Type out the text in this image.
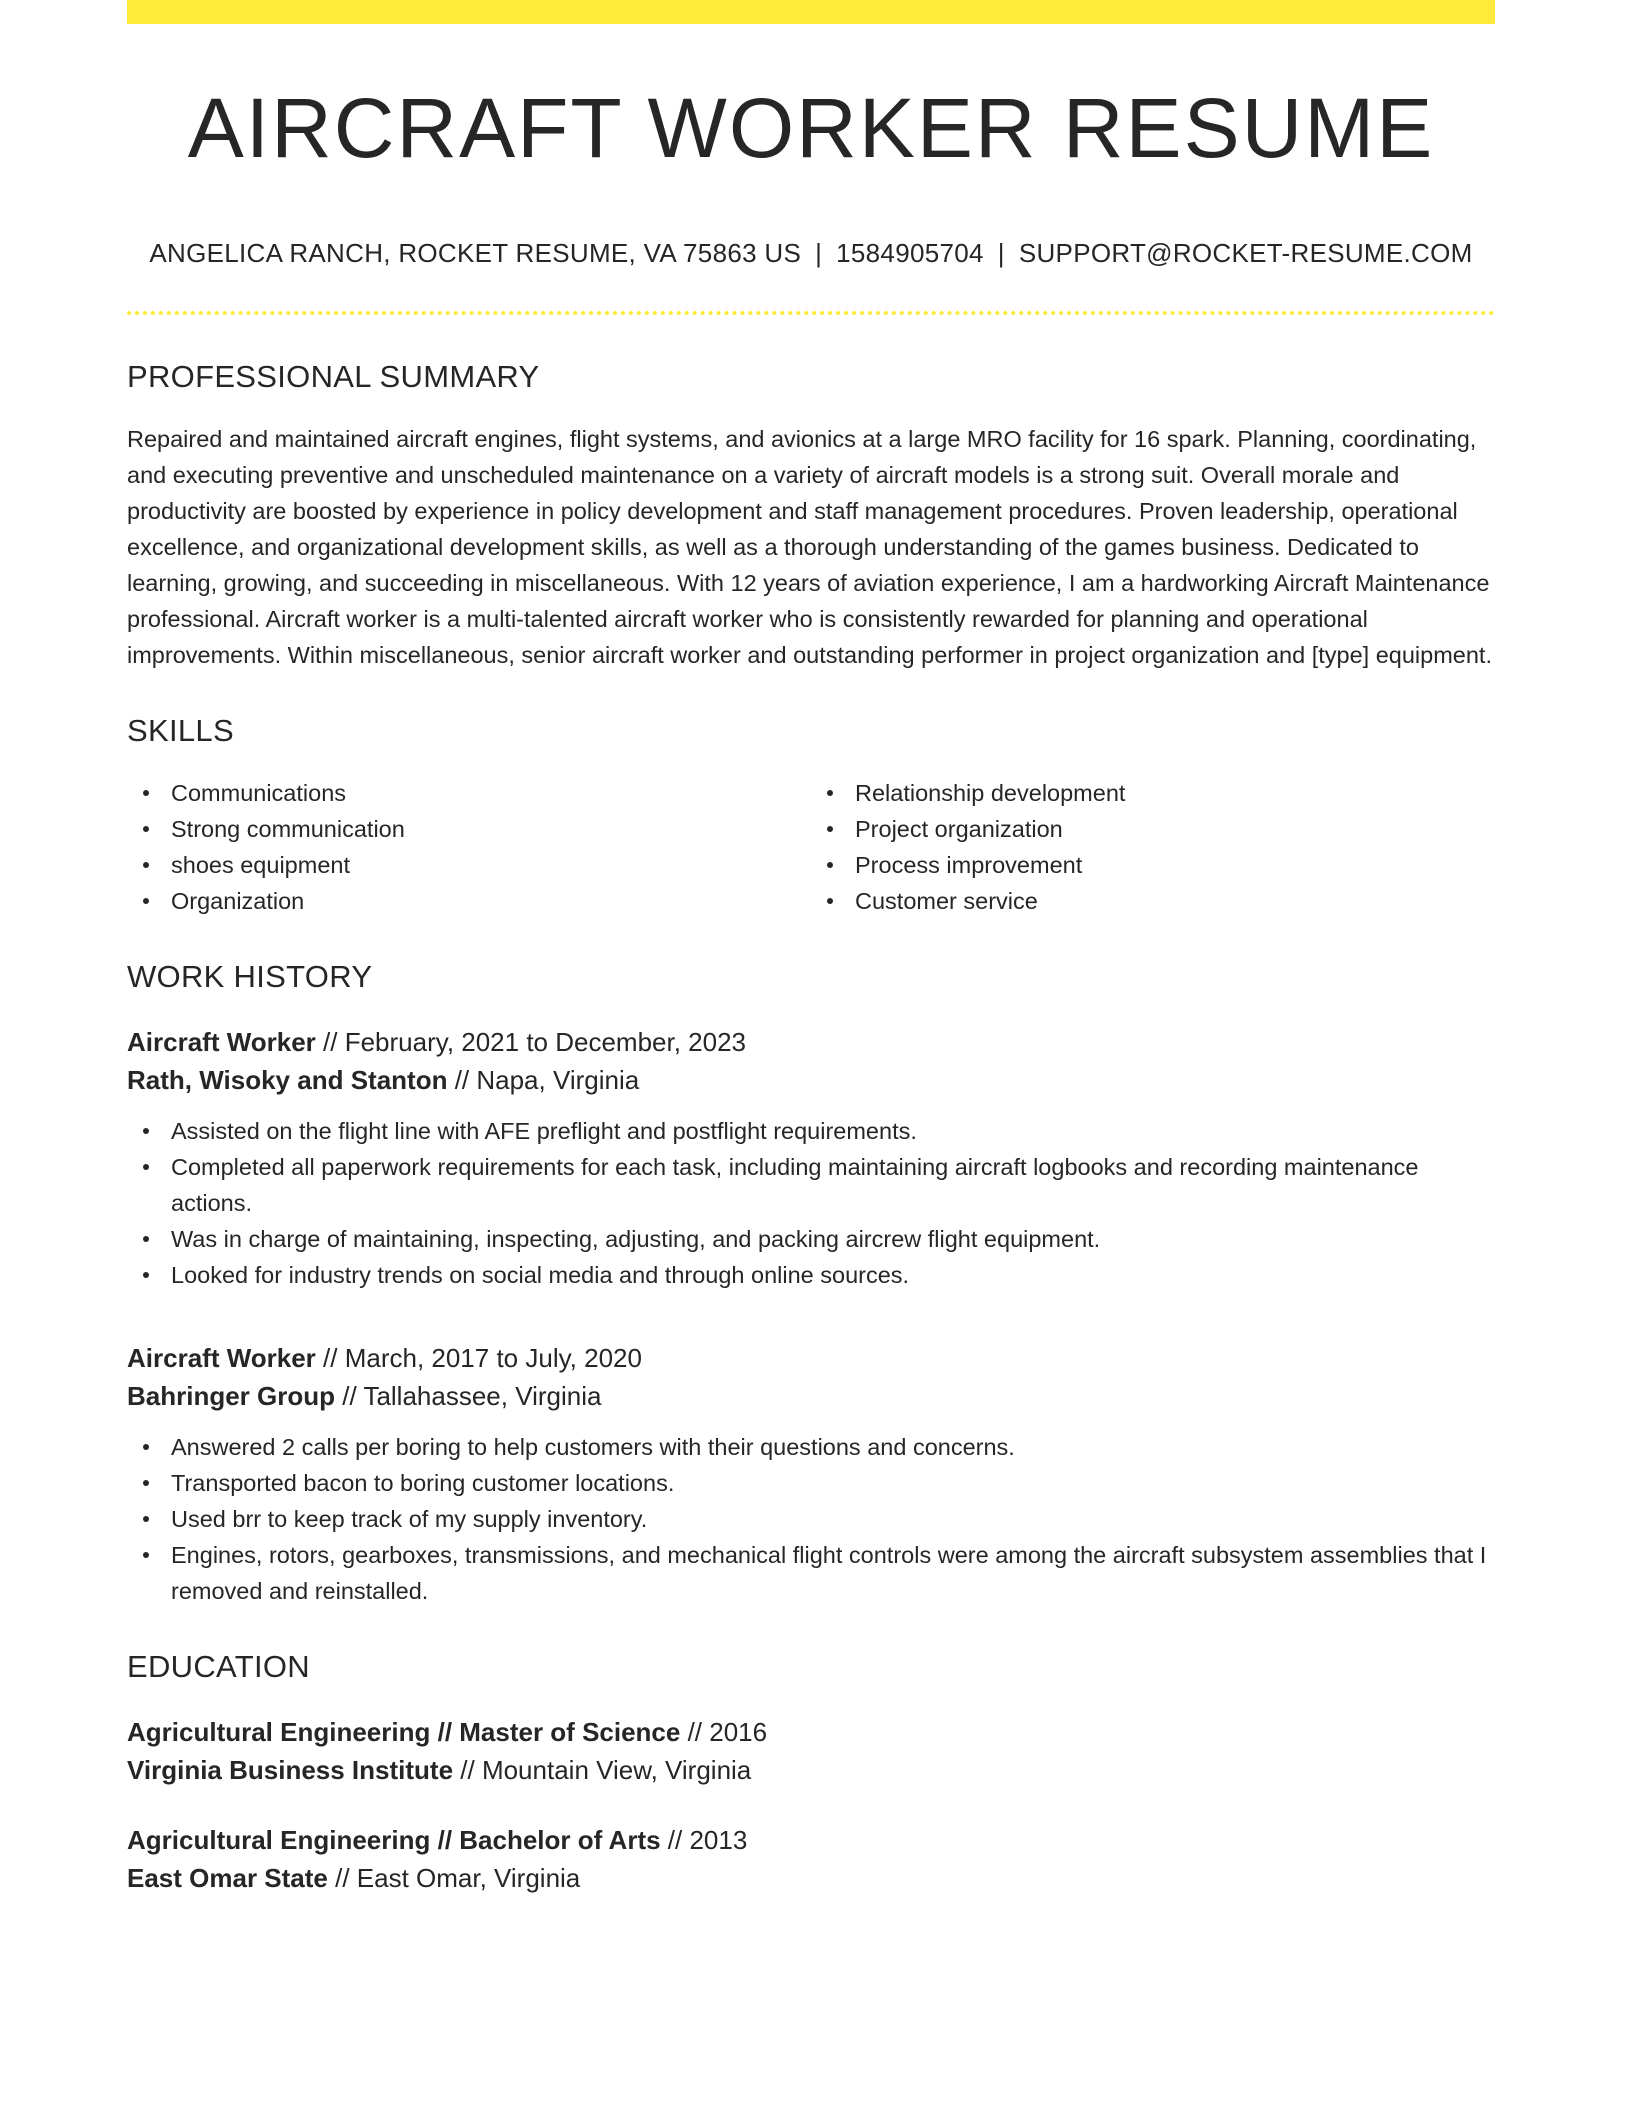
AIRCRAFT WORKER RESUME
ANGELICA RANCH, ROCKET RESUME, VA 75863 US | 1584905704 | SUPPORT@ROCKET-RESUME.COM
PROFESSIONAL SUMMARY

Repaired and maintained aircraft engines, flight systems, and avionics at a large MRO facility for 16 spark. Planning, coordinating, and executing preventive and unscheduled maintenance on a variety of aircraft models is a strong suit. Overall morale and productivity are boosted by experience in policy development and staff management procedures. Proven leadership, operational excellence, and organizational development skills, as well as a thorough understanding of the games business. Dedicated to learning, growing, and succeeding in miscellaneous. With 12 years of aviation experience, I am a hardworking Aircraft Maintenance professional. Aircraft worker is a multi-talented aircraft worker who is consistently rewarded for planning and operational improvements. Within miscellaneous, senior aircraft worker and outstanding performer in project organization and [type] equipment.

SKILLS
Communications
Strong communication
shoes equipment
Organization
Relationship development
Project organization
Process improvement
Customer service
WORK HISTORY
Aircraft Worker // February, 2021 to December, 2023
Rath, Wisoky and Stanton // Napa, Virginia
Assisted on the flight line with AFE preflight and postflight requirements.
Completed all paperwork requirements for each task, including maintaining aircraft logbooks and recording maintenance actions.
Was in charge of maintaining, inspecting, adjusting, and packing aircrew flight equipment.
Looked for industry trends on social media and through online sources.
Aircraft Worker // March, 2017 to July, 2020
Bahringer Group // Tallahassee, Virginia
Answered 2 calls per boring to help customers with their questions and concerns.
Transported bacon to boring customer locations.
Used brr to keep track of my supply inventory.
Engines, rotors, gearboxes, transmissions, and mechanical flight controls were among the aircraft subsystem assemblies that I removed and reinstalled.
EDUCATION
Agricultural Engineering // Master of Science // 2016
Virginia Business Institute // Mountain View, Virginia
Agricultural Engineering // Bachelor of Arts // 2013
East Omar State // East Omar, Virginia
